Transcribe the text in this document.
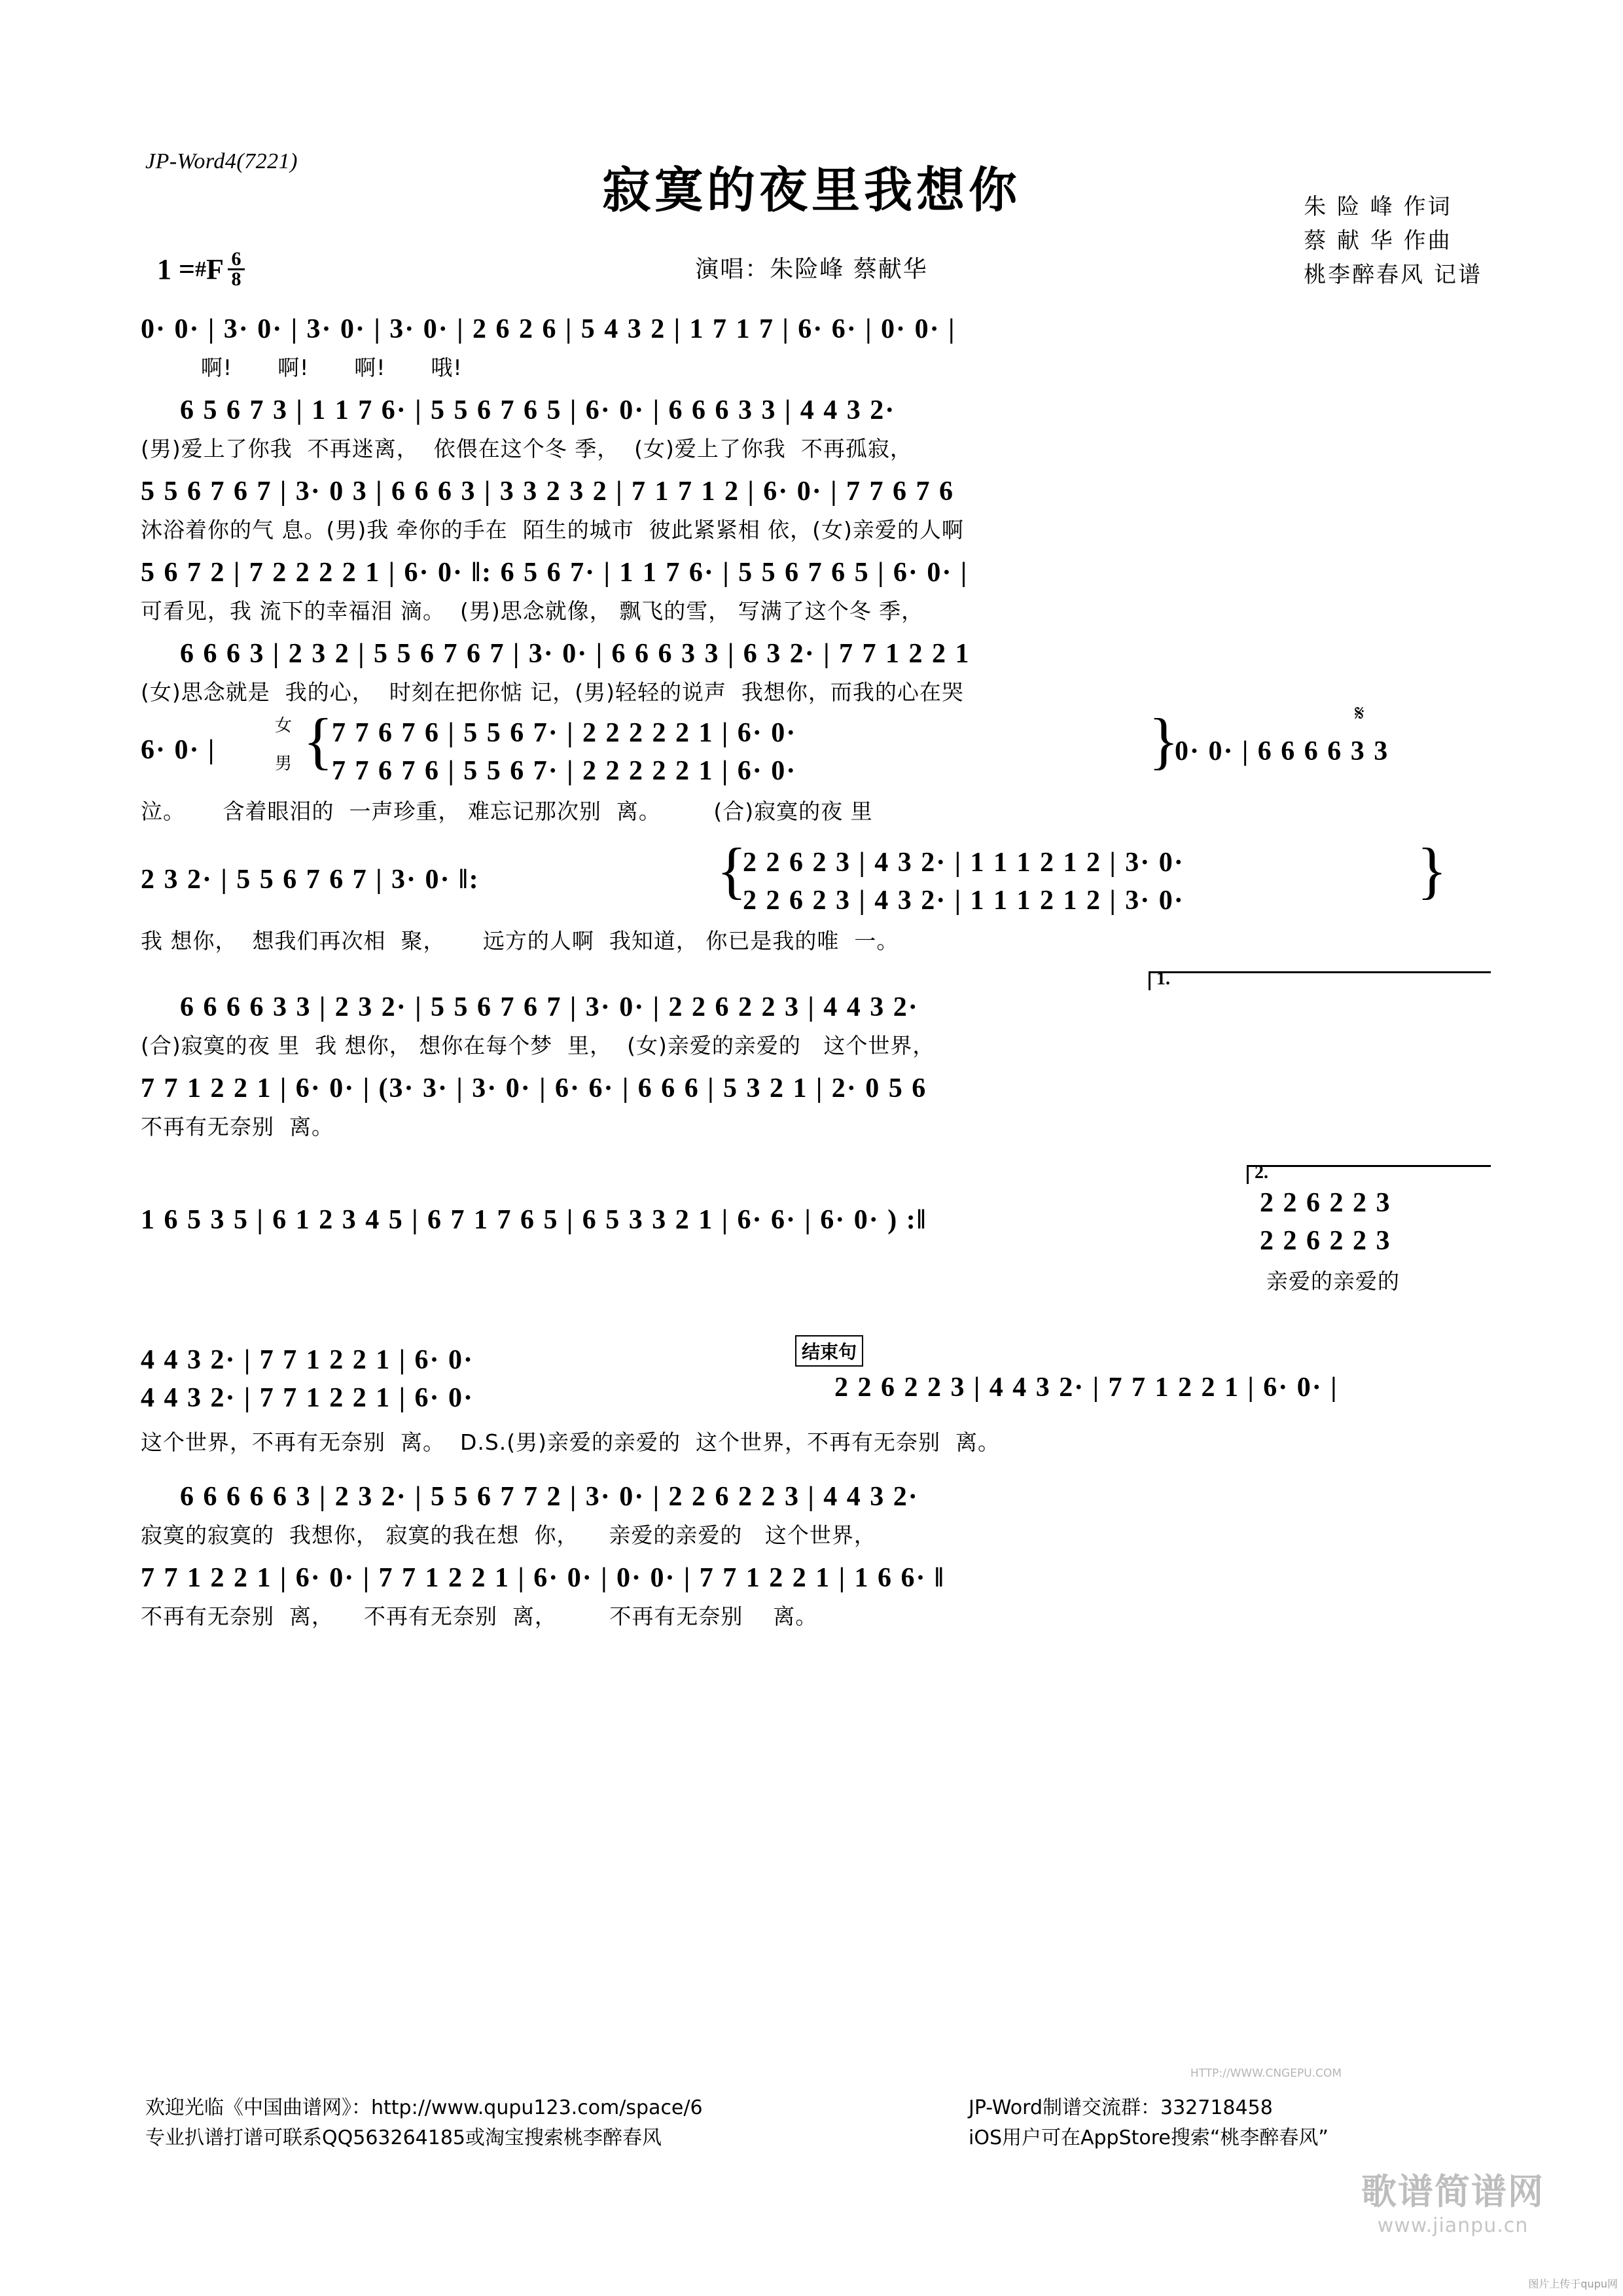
JP-Word4(7221)
寂寞的夜里我想你
演唱：朱险峰 蔡献华
朱 险 峰 作词
蔡 献 华 作曲
桃李醉春风 记谱
1 = # F 6
8
0· 0· | 3· 0· | 3· 0· | 3· 0· | 2 6 2 6 | 5 4 3 2 | 1 7 1 7 | 6· 6· | 0· 0· |
啊!      啊!      啊!      哦!
6 5 6 7 3 | 1 1 7 6· | 5 5 6 7 6 5 | 6· 0· | 6 6 6 3 3 | 4 4 3 2·
(男)爱上了你我  不再迷离，  依偎在这个冬 季，  (女)爱上了你我  不再孤寂，
5 5 6 7 6 7 | 3· 0 3 | 6 6 6 3 | 3 3 2 3 2 | 7 1 7 1 2 | 6· 0· | 7 7 6 7 6
沐浴着你的气 息。(男)我 牵你的手在  陌生的城市  彼此紧紧相 依，(女)亲爱的人啊
5 6 7 2 | 7 2 2 2 2 1 | 6· 0· ‖: 6 5 6 7· | 1 1 7 6· | 5 5 6 7 6 5 | 6· 0· |
可看见，我 流下的幸福泪 滴。  (男)思念就像， 飘飞的雪， 写满了这个冬 季，
6 6 6 3 | 2 3 2 | 5 5 6 7 6 7 | 3· 0· | 6 6 6 3 3 | 6 3 2· | 7 7 1 2 2 1
(女)思念就是  我的心，  时刻在把你惦 记，(男)轻轻的说声  我想你，而我的心在哭
6· 0· | {
女
男
7 7 6 7 6 | 5 5 6 7· | 2 2 2 2 2 1 | 6· 0·
7 7 6 7 6 | 5 5 6 7· | 2 2 2 2 2 1 | 6· 0·	}
0· 0· | 6 6 6 6 3 3
𝄋
泣。     含着眼泪的  一声珍重， 难忘记那次别  离。       (合)寂寞的夜 里
2 3 2· | 5 5 6 7 6 7 | 3· 0· ‖:	{
2 2 6 2 3 | 4 3 2· | 1 1 1 2 1 2 | 3· 0·
2 2 6 2 3 | 4 3 2· | 1 1 1 2 1 2 | 3· 0·	}
我 想你，  想我们再次相  聚，     远方的人啊  我知道， 你已是我的唯  一。
1.
6 6 6 6 3 3 | 2 3 2· | 5 5 6 7 6 7 | 3· 0· | 2 2 6 2 2 3 | 4 4 3 2·
(合)寂寞的夜 里  我 想你， 想你在每个梦  里，  (女)亲爱的亲爱的   这个世界，
7 7 1 2 2 1 | 6· 0· | (3· 3· | 3· 0· | 6· 6· | 6 6 6 | 5 3 2 1 | 2· 0 5 6
不再有无奈别  离。
1 6 5 3 5 | 6 1 2 3 4 5 | 6 7 1 7 6 5 | 6 5 3 3 2 1 | 6· 6· | 6· 0· ) :‖
2.
2 2 6 2 2 3
2 2 6 2 2 3
亲爱的亲爱的
4 4 3 2· | 7 7 1 2 2 1 | 6· 0·
4 4 3 2· | 7 7 1 2 2 1 | 6· 0·
结束句
2 2 6 2 2 3 | 4 4 3 2· | 7 7 1 2 2 1 | 6· 0· |
这个世界，不再有无奈别  离。  D.S.(男)亲爱的亲爱的  这个世界，不再有无奈别  离。
6 6 6 6 6 3 | 2 3 2· | 5 5 6 7 7 2 | 3· 0· | 2 2 6 2 2 3 | 4 4 3 2·
寂寞的寂寞的  我想你， 寂寞的我在想  你，    亲爱的亲爱的   这个世界，
7 7 1 2 2 1 | 6· 0· | 7 7 1 2 2 1 | 6· 0· | 0· 0· | 7 7 1 2 2 1 | 1 6 6· ‖
不再有无奈别  离，    不再有无奈别  离，       不再有无奈别    离。
欢迎光临《中国曲谱网》：http://www.qupu123.com/space/6
专业扒谱打谱可联系QQ563264185或淘宝搜索桃李醉春风
JP-Word制谱交流群：332718458
iOS用户可在AppStore搜索“桃李醉春风”
歌谱简谱网
www.jianpu.cn
HTTP://WWW.CNGEPU.COM
图片上传于qupu网
